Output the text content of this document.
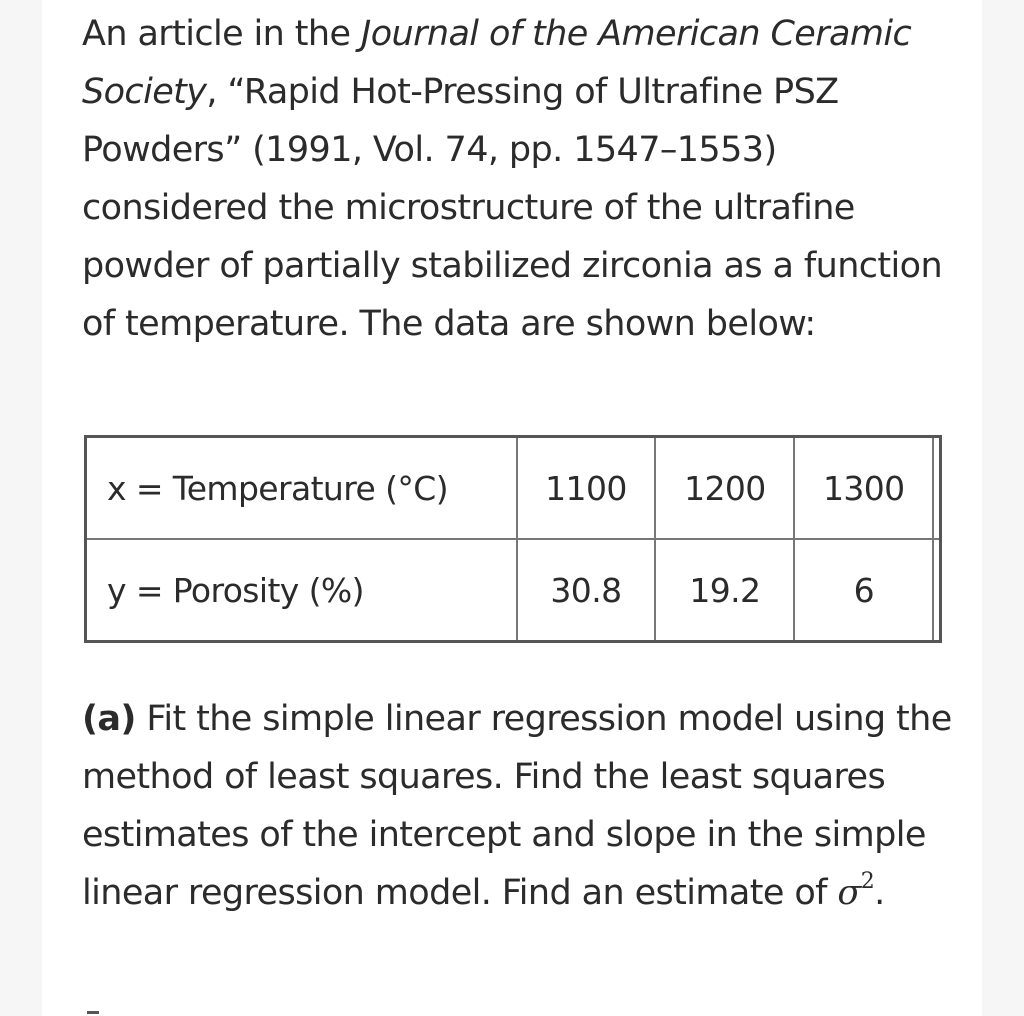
An article in the Journal of the American Ceramic Society, “Rapid Hot-Pressing of Ultrafine PSZ Powders” (1991, Vol. 74, pp. 1547–1553) considered the microstructure of the ultrafine powder of partially stabilized zirconia as a function of temperature. The data are shown below:

x = Temperature (°C)	1100	1200	1300	
y = Porosity (%)	30.8	19.2	6	

(a) Fit the simple linear regression model using the method of least squares. Find the least squares estimates of the intercept and slope in the simple linear regression model. Find an estimate of $\sigma^2$.
